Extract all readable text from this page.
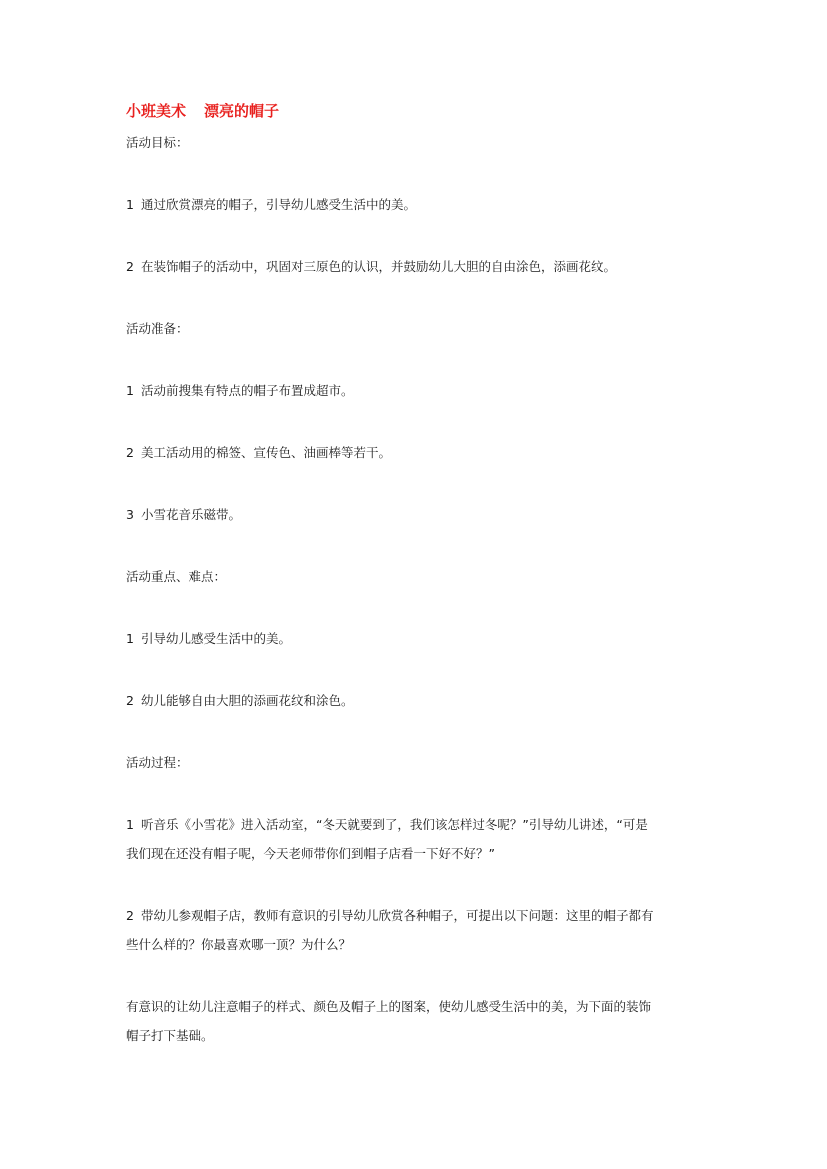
小班美术 漂亮的帽子

活动目标：

1 通过欣赏漂亮的帽子，引导幼儿感受生活中的美。

2 在装饰帽子的活动中，巩固对三原色的认识，并鼓励幼儿大胆的自由涂色，添画花纹。

活动准备：

1 活动前搜集有特点的帽子布置成超市。

2 美工活动用的棉签、宣传色、油画棒等若干。

3 小雪花音乐磁带。

活动重点、难点：

1 引导幼儿感受生活中的美。

2 幼儿能够自由大胆的添画花纹和涂色。

活动过程：

1 听音乐《小雪花》进入活动室，“冬天就要到了，我们该怎样过冬呢？”引导幼儿讲述，“可是

我们现在还没有帽子呢，今天老师带你们到帽子店看一下好不好？”

2 带幼儿参观帽子店，教师有意识的引导幼儿欣赏各种帽子，可提出以下问题：这里的帽子都有

些什么样的？你最喜欢哪一顶？为什么？

有意识的让幼儿注意帽子的样式、颜色及帽子上的图案，使幼儿感受生活中的美，为下面的装饰

帽子打下基础。
